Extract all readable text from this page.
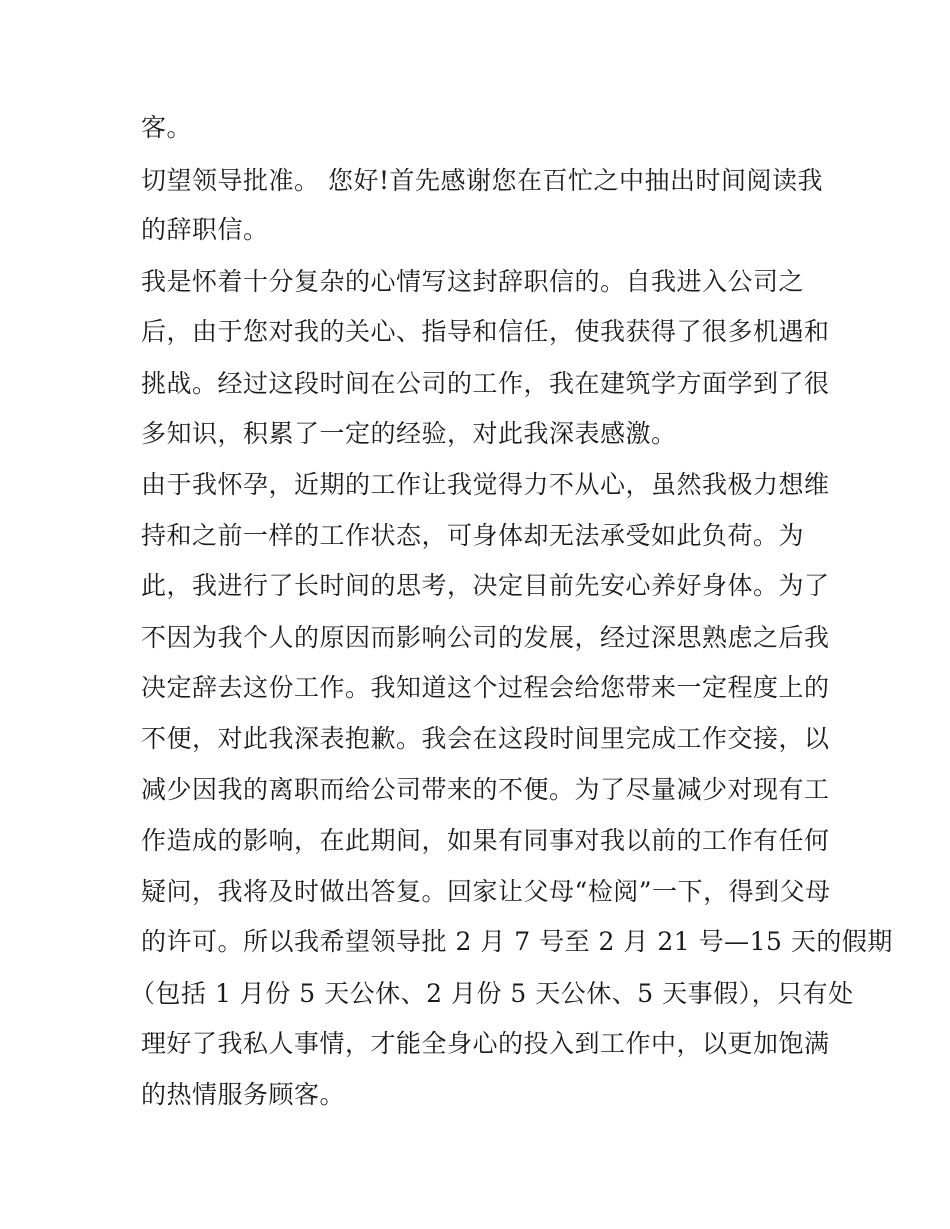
客。
切望领导批准。 您好!首先感谢您在百忙之中抽出时间阅读我
的辞职信。
我是怀着十分复杂的心情写这封辞职信的。自我进入公司之
后，由于您对我的关心、指导和信任，使我获得了很多机遇和
挑战。经过这段时间在公司的工作，我在建筑学方面学到了很
多知识，积累了一定的经验，对此我深表感激。
由于我怀孕，近期的工作让我觉得力不从心，虽然我极力想维
持和之前一样的工作状态，可身体却无法承受如此负荷。为
此，我进行了长时间的思考，决定目前先安心养好身体。为了
不因为我个人的原因而影响公司的发展，经过深思熟虑之后我
决定辞去这份工作。我知道这个过程会给您带来一定程度上的
不便，对此我深表抱歉。我会在这段时间里完成工作交接，以
减少因我的离职而给公司带来的不便。为了尽量减少对现有工
作造成的影响，在此期间，如果有同事对我以前的工作有任何
疑问，我将及时做出答复。回家让父母“检阅”一下，得到父母
的许可。所以我希望领导批 2 月 7 号至 2 月 21 号—15 天的假期
（包括 1 月份 5 天公休、2 月份 5 天公休、5 天事假），只有处
理好了我私人事情，才能全身心的投入到工作中，以更加饱满
的热情服务顾客。
